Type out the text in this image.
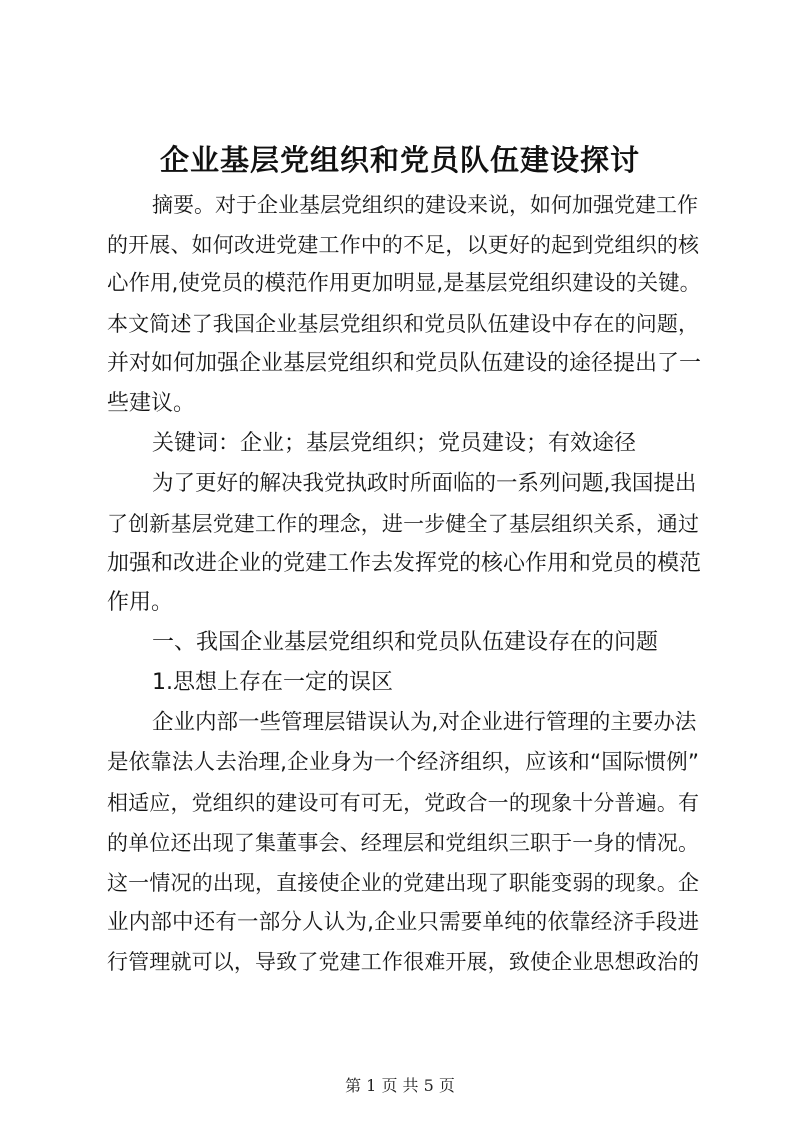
企业基层党组织和党员队伍建设探讨
摘要。对于企业基层党组织的建设来说，如何加强党建工作
的开展、如何改进党建工作中的不足，以更好的起到党组织的核
心作用,使党员的模范作用更加明显,是基层党组织建设的关键。
本文简述了我国企业基层党组织和党员队伍建设中存在的问题，
并对如何加强企业基层党组织和党员队伍建设的途径提出了一
些建议。
关键词：企业；基层党组织；党员建设；有效途径
为了更好的解决我党执政时所面临的一系列问题,我国提出
了创新基层党建工作的理念，进一步健全了基层组织关系，通过
加强和改进企业的党建工作去发挥党的核心作用和党员的模范
作用。
一、我国企业基层党组织和党员队伍建设存在的问题
1.思想上存在一定的误区
企业内部一些管理层错误认为,对企业进行管理的主要办法
是依靠法人去治理,企业身为一个经济组织，应该和“国际惯例”
相适应，党组织的建设可有可无，党政合一的现象十分普遍。有
的单位还出现了集董事会、经理层和党组织三职于一身的情况。
这一情况的出现，直接使企业的党建出现了职能变弱的现象。企
业内部中还有一部分人认为,企业只需要单纯的依靠经济手段进
行管理就可以，导致了党建工作很难开展，致使企业思想政治的
第 1 页 共 5 页
